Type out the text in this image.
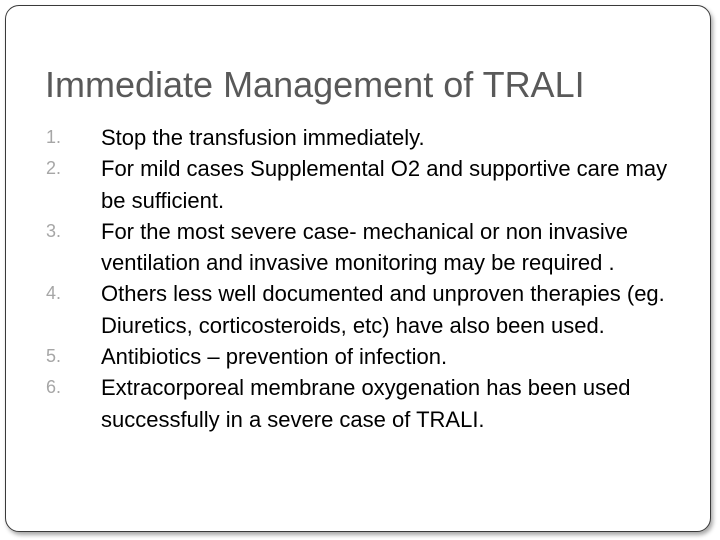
Immediate Management of TRALI
1.	Stop the transfusion immediately.
2.	For mild cases Supplemental O2 and supportive care may be sufficient.
3.	For the most severe case- mechanical or non invasive ventilation and invasive monitoring may be required .
4.	Others less well documented and unproven therapies (eg. Diuretics, corticosteroids, etc) have also been used.
5.	Antibiotics – prevention of infection.
6.	Extracorporeal membrane oxygenation has been used successfully in a severe case of TRALI.
